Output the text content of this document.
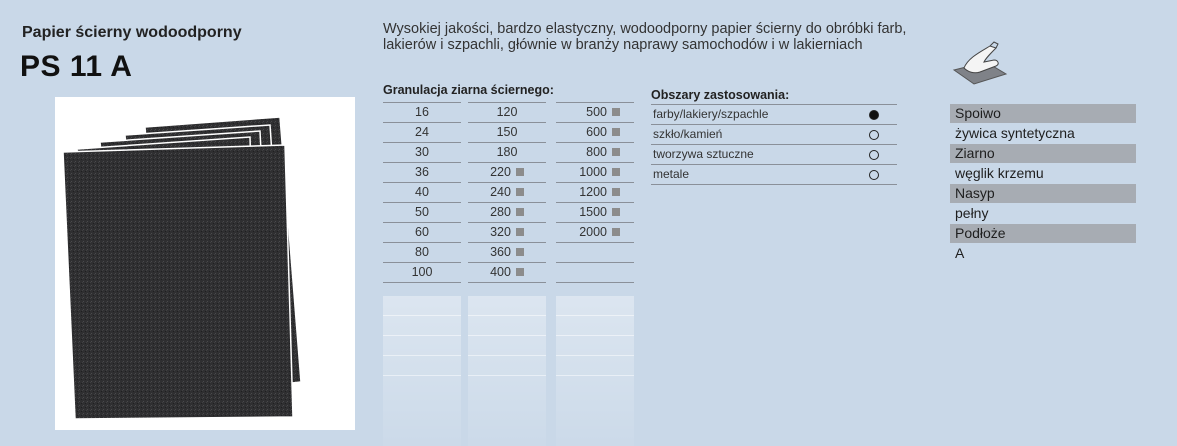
Papier ścierny wodoodporny
PS 11 A
Wysokiej jakości, bardzo elastyczny, wodoodporny papier ścierny do obróbki farb, lakierów i szpachli, głównie w branży naprawy samochodów i w lakierniach
Granulacja ziarna ściernego:
16
24
30
36
40
50
60
80
100
120
150
180
220
240
280
320
360
400
500
600
800
1000
1200
1500
2000
Obszary zastosowania:
farby/lakiery/szpachle
szkło/kamień
tworzywa sztuczne
metale
Spoiwo
żywica syntetyczna
Ziarno
węglik krzemu
Nasyp
pełny
Podłoże
A
